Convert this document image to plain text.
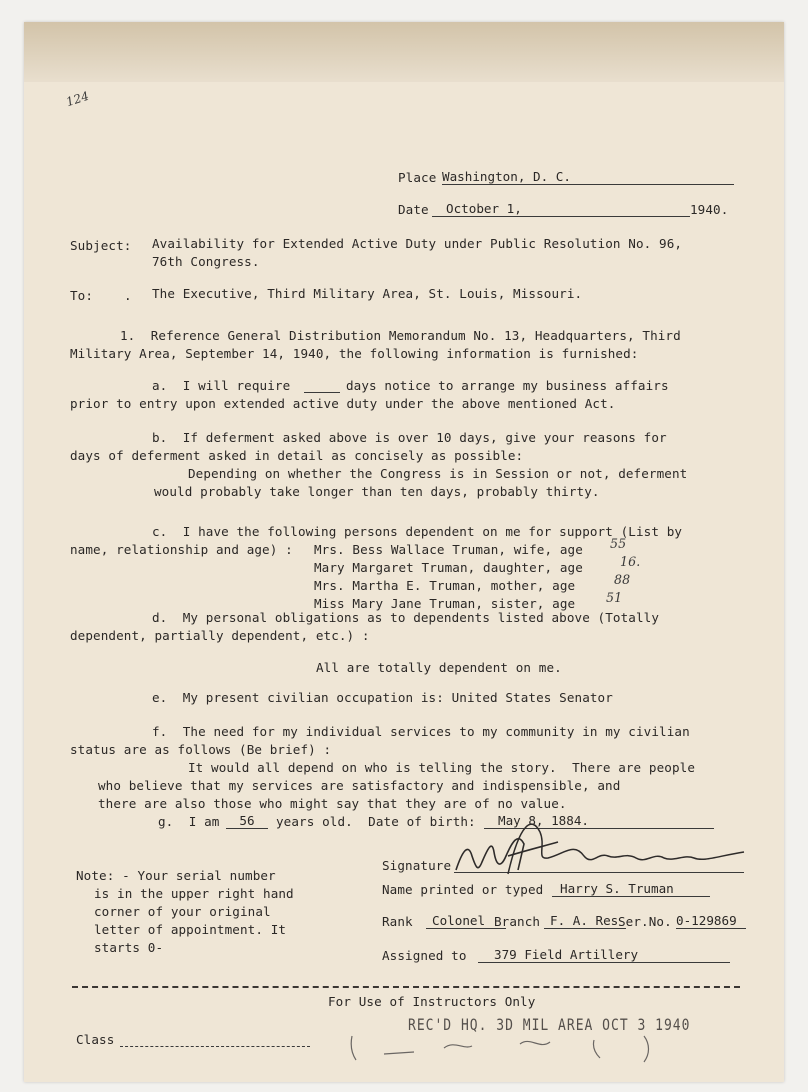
124
Place Washington, D. C.
Date	October 1,	1940.
Subject: Availability for Extended Active Duty under Public Resolution No. 96,
76th Congress.
To: . The Executive, Third Military Area, St. Louis, Missouri.
1.  Reference General Distribution Memorandum No. 13, Headquarters, Third
Military Area, September 14, 1940, the following information is furnished:
a.  I will require	days notice to arrange my business affairs
prior to entry upon extended active duty under the above mentioned Act.
b.  If deferment asked above is over 10 days, give your reasons for
days of deferment asked in detail as concisely as possible:
Depending on whether the Congress is in Session or not, deferment
would probably take longer than ten days, probably thirty.
c.  I have the following persons dependent on me for support (List by
name, relationship and age) : Mrs. Bess Wallace Truman, wife, age 55
Mary Margaret Truman, daughter, age	16.
Mrs. Martha E. Truman, mother, age	88
Miss Mary Jane Truman, sister, age 51
d.  My personal obligations as to dependents listed above (Totally
dependent, partially dependent, etc.) :
All are totally dependent on me.
e.  My present civilian occupation is: United States Senator
f.  The need for my individual services to my community in my civilian
status are as follows (Be brief) :
It would all depend on who is telling the story.  There are people
who believe that my services are satisfactory and indispensible, and
there are also those who might say that they are of no value.
g.  I am	56	years old.  Date of birth:	May 8, 1884.
Signature
Name printed or typed	Harry S. Truman
Rank	Colonel Branch F. A. Res Ser.No. 0-129869
Assigned to	379 Field Artillery
Note: - Your serial number
is in the upper right hand
corner of your original
letter of appointment. It
starts 0-
For Use of Instructors Only
Class
REC'D HQ. 3D MIL AREA OCT 3 1940
